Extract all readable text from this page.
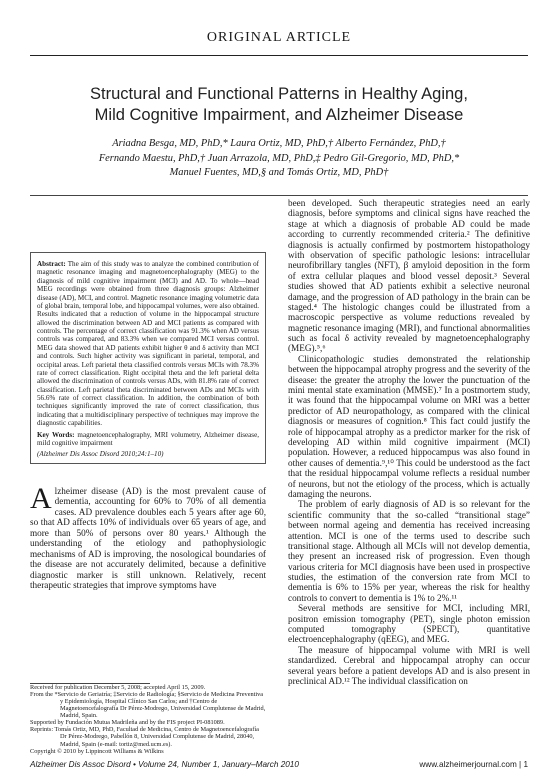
ORIGINAL ARTICLE
Structural and Functional Patterns in Healthy Aging,
Mild Cognitive Impairment, and Alzheimer Disease
Ariadna Besga, MD, PhD,* Laura Ortiz, MD, PhD,† Alberto Fernández, PhD,†
Fernando Maestu, PhD,† Juan Arrazola, MD, PhD,‡ Pedro Gil-Gregorio, MD, PhD,*
Manuel Fuentes, MD,§ and Tomás Ortiz, MD, PhD†

Abstract: The aim of this study was to analyze the combined contribution of magnetic resonance imaging and magnetoencephalography (MEG) to the diagnosis of mild cognitive impairment (MCI) and AD. To whole—head MEG recordings were obtained from three diagnosis groups: Alzheimer disease (AD), MCI, and control. Magnetic resonance imaging volumetric data of global brain, temporal lobe, and hippocampal volumes, were also obtained. Results indicated that a reduction of volume in the hippocampal structure allowed the discrimination between AD and MCI patients as compared with controls. The percentage of correct classification was 91.3% when AD versus controls was compared, and 83.3% when we compared MCI versus control. MEG data showed that AD patients exhibit higher θ and δ activity than MCI and controls. Such higher activity was significant in parietal, temporal, and occipital areas. Left parietal theta classified controls versus MCIs with 78.3% rate of correct classification. Right occipital theta and the left parietal delta allowed the discrimination of controls versus ADs, with 81.8% rate of correct classification. Left parietal theta discriminated between ADs and MCIs with 56.6% rate of correct classification. In addition, the combination of both techniques significantly improved the rate of correct classification, thus indicating that a multidisciplinary perspective of techniques may improve the diagnostic capabilities.

Key Words: magnetoencephalography, MRI volumetry, Alzheimer disease, mild cognitive impairment

(Alzheimer Dis Assoc Disord 2010;24:1–10)

Alzheimer disease (AD) is the most prevalent cause of dementia, accounting for 60% to 70% of all dementia cases. AD prevalence doubles each 5 years after age 60, so that AD affects 10% of individuals over 65 years of age, and more than 50% of persons over 80 years.¹ Although the understanding of the etiology and pathophysiologic mechanisms of AD is improving, the nosological boundaries of the disease are not accurately delimited, because a definitive diagnostic marker is still unknown. Relatively, recent therapeutic strategies that improve symptoms have

been developed. Such therapeutic strategies need an early diagnosis, before symptoms and clinical signs have reached the stage at which a diagnosis of probable AD could be made according to currently recommended criteria.² The definitive diagnosis is actually confirmed by postmortem histopathology with observation of specific pathologic lesions: intracellular neurofibrillary tangles (NFT), β amyloid deposition in the form of extra cellular plaques and blood vessel deposit.³ Several studies showed that AD patients exhibit a selective neuronal damage, and the progression of AD pathology in the brain can be staged.⁴ The histologic changes could be illustrated from a macroscopic perspective as volume reductions revealed by magnetic resonance imaging (MRI), and functional abnormalities such as focal δ activity revealed by magnetoencephalography (MEG).⁵,⁶

Clinicopathologic studies demonstrated the relationship between the hippocampal atrophy progress and the severity of the disease: the greater the atrophy the lower the punctuation of the mini mental state examination (MMSE).⁷ In a postmortem study, it was found that the hippocampal volume on MRI was a better predictor of AD neuropathology, as compared with the clinical diagnosis or measures of cognition.⁸ This fact could justify the role of hippocampal atrophy as a predictor marker for the risk of developing AD within mild cognitive impairment (MCI) population. However, a reduced hippocampus was also found in other causes of dementia.⁹,¹⁰ This could be understood as the fact that the residual hippocampal volume reflects a residual number of neurons, but not the etiology of the process, which is actually damaging the neurons.

The problem of early diagnosis of AD is so relevant for the scientific community that the so-called “transitional stage” between normal ageing and dementia has received increasing attention. MCI is one of the terms used to describe such transitional stage. Although all MCIs will not develop dementia, they present an increased risk of progression. Even though various criteria for MCI diagnosis have been used in prospective studies, the estimation of the conversion rate from MCI to dementia is 6% to 15% per year, whereas the risk for healthy controls to convert to dementia is 1% to 2%.¹¹

Several methods are sensitive for MCI, including MRI, positron emission tomography (PET), single photon emission computed tomography (SPECT), quantitative electroencephalography (qEEG), and MEG.

The measure of hippocampal volume with MRI is well standardized. Cerebral and hippocampal atrophy can occur several years before a patient develops AD and is also present in preclinical AD.¹² The individual classification on

Received for publication December 5, 2008; accepted April 15, 2009.

From the *Servicio de Geriatría; ‡Servicio de Radiología; §Servicio de Medicina Preventiva y Epidemiología, Hospital Clínico San Carlos; and †Centro de Magnetoencefalografía Dr Pérez-Modrego, Universidad Complutense de Madrid, Madrid, Spain.

Supported by Fundación Mutua Madrileña and by the FIS project PI-081089.

Reprints: Tomás Ortiz, MD, PhD, Facultad de Medicina, Centro de Magnetoencefalografía Dr Pérez-Modrego, Pabellón 8, Universidad Complutense de Madrid, 28040, Madrid, Spain (e-mail: tortiz@med.ucm.es).

Copyright © 2010 by Lippincott Williams & Wilkins

Alzheimer Dis Assoc Disord • Volume 24, Number 1, January–March 2010	www.alzheimerjournal.com | 1
